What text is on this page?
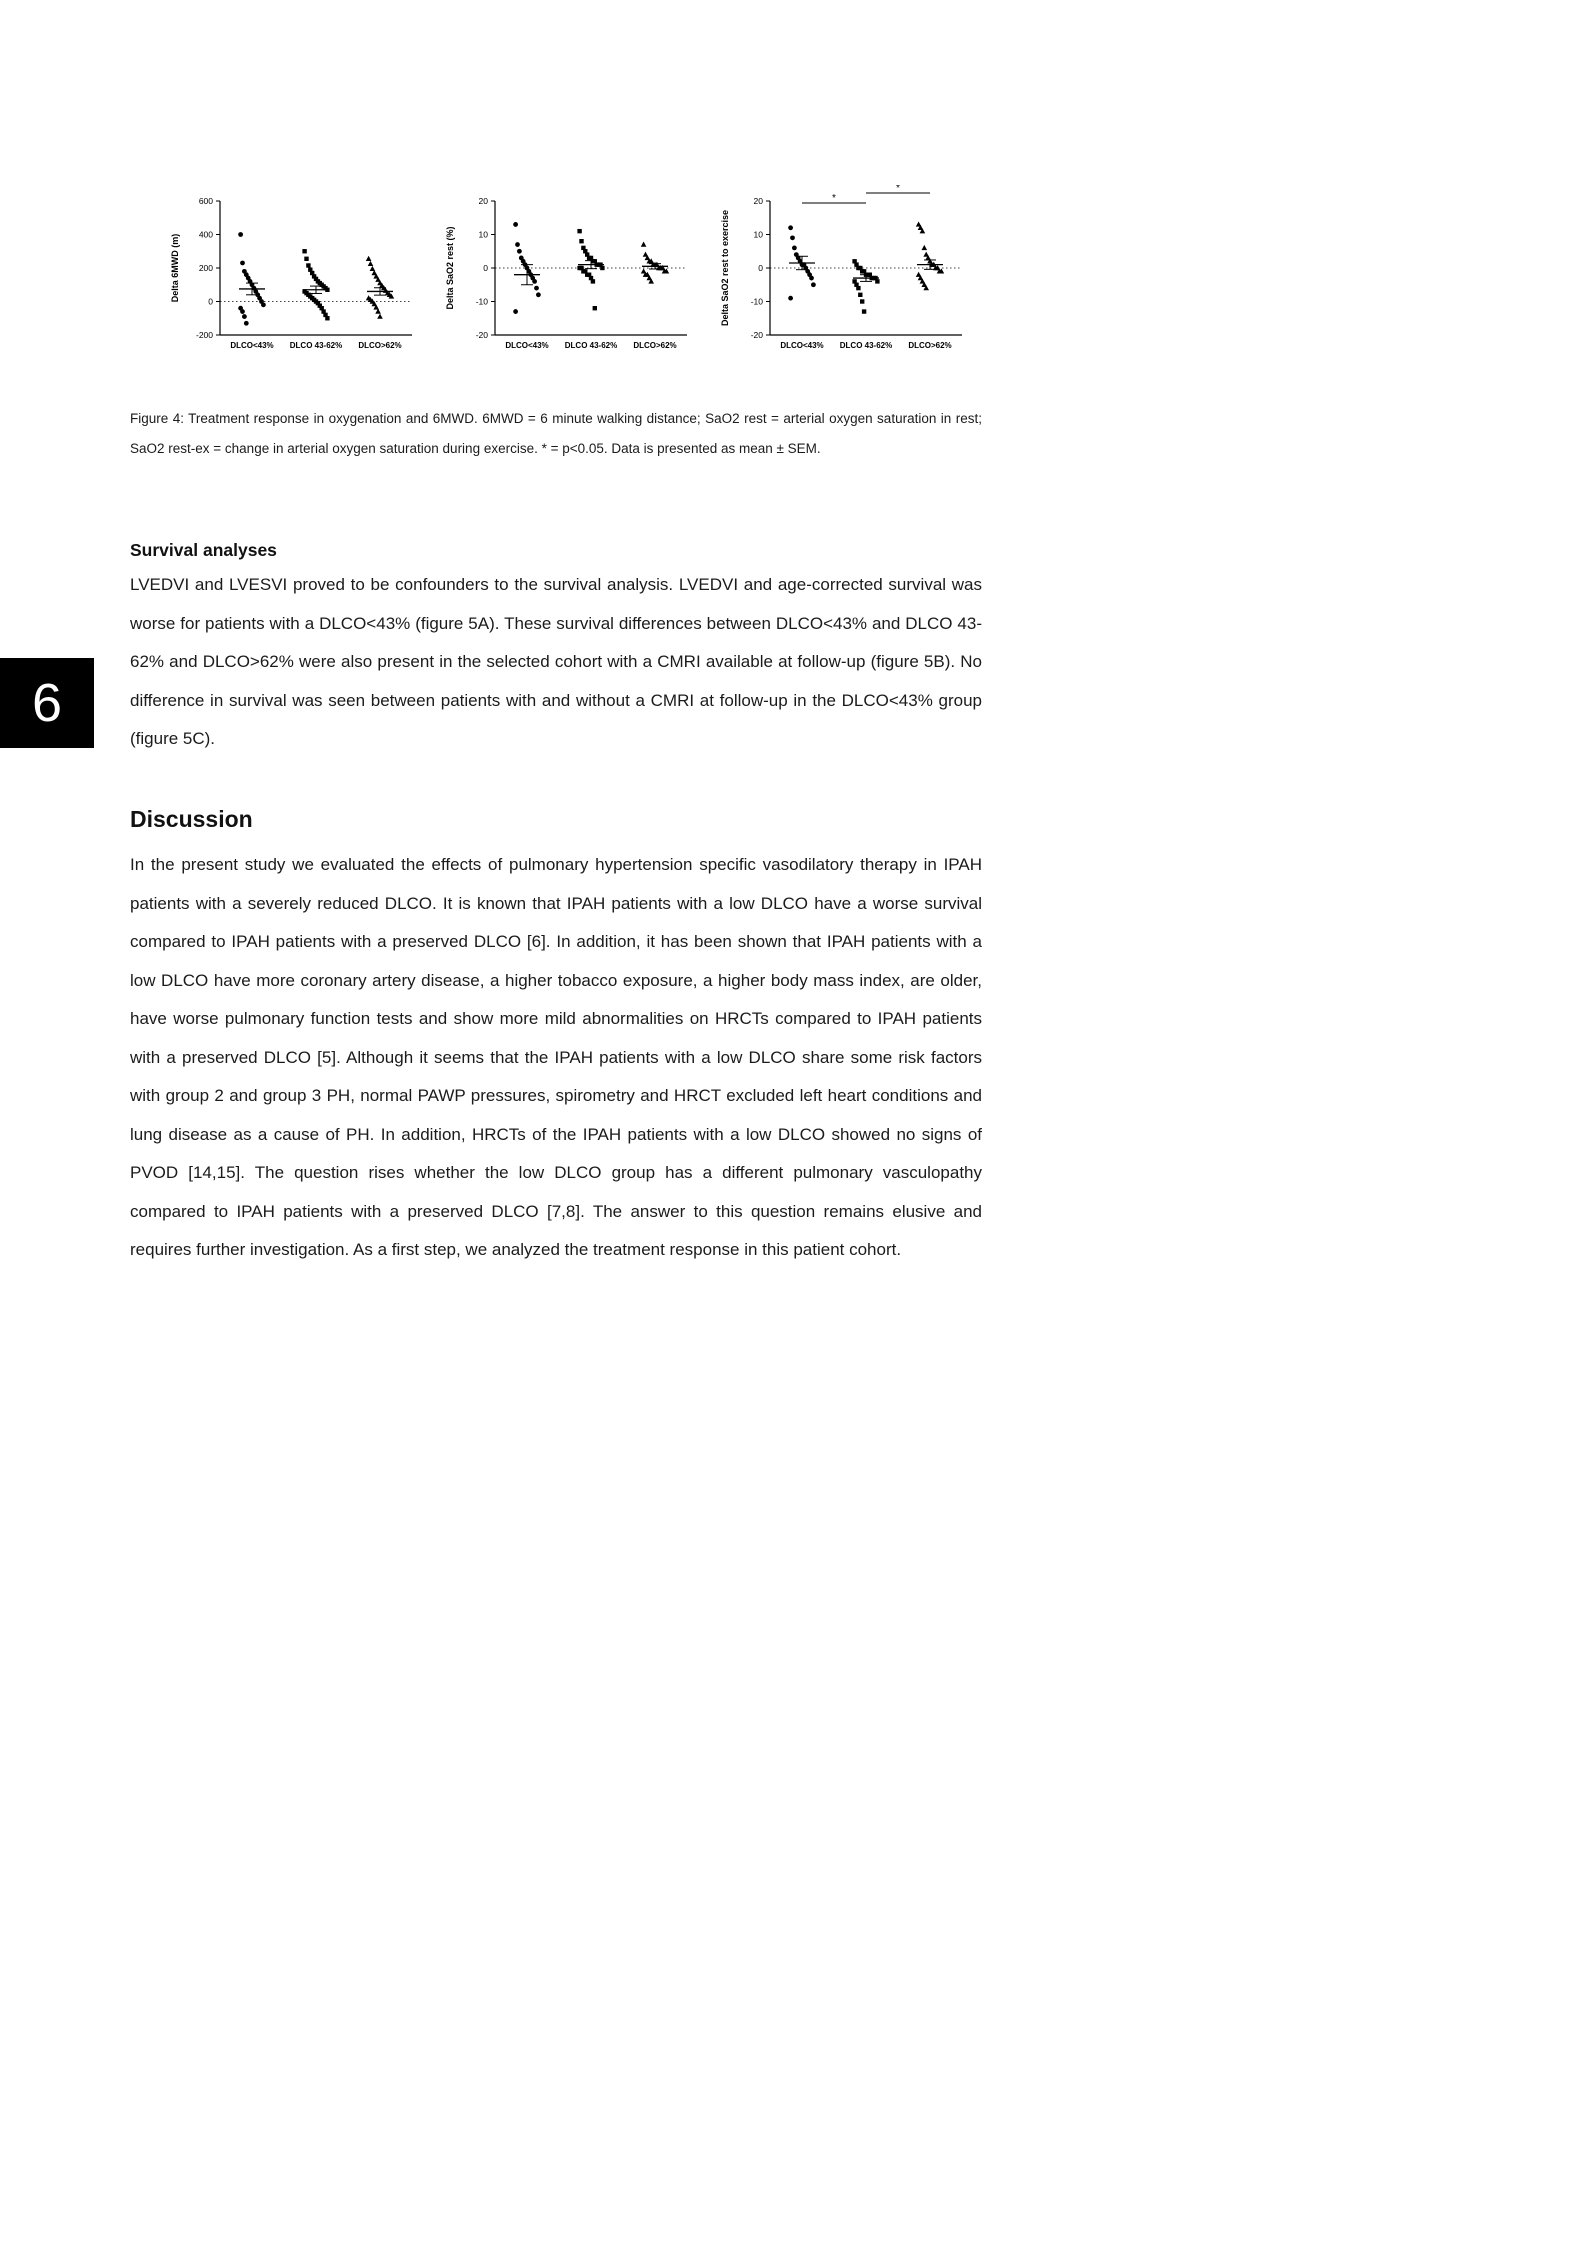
-200
0
200
400
600
Delta 6MWD (m)
DLCO<43% DLCO 43-62% DLCO>62%
-20
-10
0
10
20
Delta SaO2 rest (%)
DLCO<43% DLCO 43-62% DLCO>62%
-20
-10
0
10
20
Delta SaO2 rest to exercise
DLCO<43% DLCO 43-62% DLCO>62%
*
*

Figure 4: Treatment response in oxygenation and 6MWD. 6MWD = 6 minute walking distance; SaO2 rest = arterial oxygen saturation in rest; SaO2 rest-ex = change in arterial oxygen saturation during exercise. * = p<0.05. Data is presented as mean ± SEM.

Survival analyses

LVEDVI and LVESVI proved to be confounders to the survival analysis. LVEDVI and age-corrected survival was worse for patients with a DLCO<43% (figure 5A). These survival differences between DLCO<43% and DLCO 43-62% and DLCO>62% were also present in the selected cohort with a CMRI available at follow-up (figure 5B). No difference in survival was seen between patients with and without a CMRI at follow-up in the DLCO<43% group (figure 5C).

Discussion

In the present study we evaluated the effects of pulmonary hypertension specific vasodilatory therapy in IPAH patients with a severely reduced DLCO. It is known that IPAH patients with a low DLCO have a worse survival compared to IPAH patients with a preserved DLCO [6]. In addition, it has been shown that IPAH patients with a low DLCO have more coronary artery disease, a higher tobacco exposure, a higher body mass index, are older, have worse pulmonary function tests and show more mild abnormalities on HRCTs compared to IPAH patients with a preserved DLCO [5]. Although it seems that the IPAH patients with a low DLCO share some risk factors with group 2 and group 3 PH, normal PAWP pressures, spirometry and HRCT excluded left heart conditions and lung disease as a cause of PH. In addition, HRCTs of the IPAH patients with a low DLCO showed no signs of PVOD [14,15]. The question rises whether the low DLCO group has a different pulmonary vasculopathy compared to IPAH patients with a preserved DLCO [7,8]. The answer to this question remains elusive and requires further investigation. As a first step, we analyzed the treatment response in this patient cohort.

6
